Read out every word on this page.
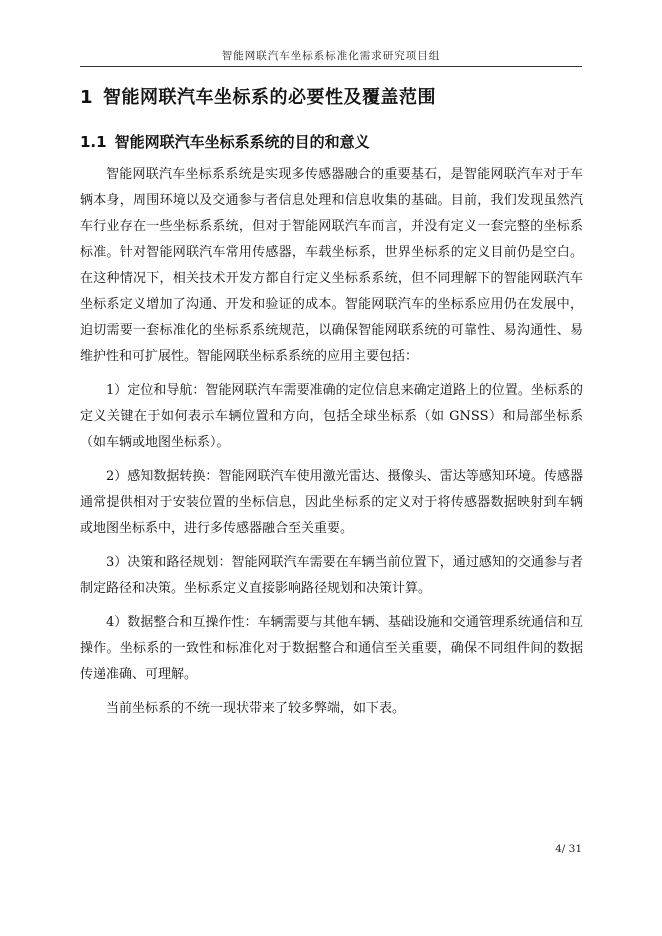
智能网联汽车坐标系标准化需求研究项目组
1 智能网联汽车坐标系的必要性及覆盖范围
1.1 智能网联汽车坐标系系统的目的和意义

智能网联汽车坐标系系统是实现多传感器融合的重要基石，是智能网联汽车对于车辆本身，周围环境以及交通参与者信息处理和信息收集的基础。目前，我们发现虽然汽车行业存在一些坐标系系统，但对于智能网联汽车而言，并没有定义一套完整的坐标系标准。针对智能网联汽车常用传感器，车载坐标系，世界坐标系的定义目前仍是空白。在这种情况下，相关技术开发方都自行定义坐标系系统，但不同理解下的智能网联汽车坐标系定义增加了沟通、开发和验证的成本。智能网联汽车的坐标系应用仍在发展中，迫切需要一套标准化的坐标系系统规范，以确保智能网联系统的可靠性、易沟通性、易维护性和可扩展性。智能网联坐标系系统的应用主要包括：

1）定位和导航：智能网联汽车需要准确的定位信息来确定道路上的位置。坐标系的定义关键在于如何表示车辆位置和方向，包括全球坐标系（如 GNSS）和局部坐标系（如车辆或地图坐标系）。

2）感知数据转换：智能网联汽车使用激光雷达、摄像头、雷达等感知环境。传感器通常提供相对于安装位置的坐标信息，因此坐标系的定义对于将传感器数据映射到车辆或地图坐标系中，进行多传感器融合至关重要。

3）决策和路径规划：智能网联汽车需要在车辆当前位置下，通过感知的交通参与者制定路径和决策。坐标系定义直接影响路径规划和决策计算。

4）数据整合和互操作性：车辆需要与其他车辆、基础设施和交通管理系统通信和互操作。坐标系的一致性和标准化对于数据整合和通信至关重要，确保不同组件间的数据传递准确、可理解。

当前坐标系的不统一现状带来了较多弊端，如下表。

4/ 31
